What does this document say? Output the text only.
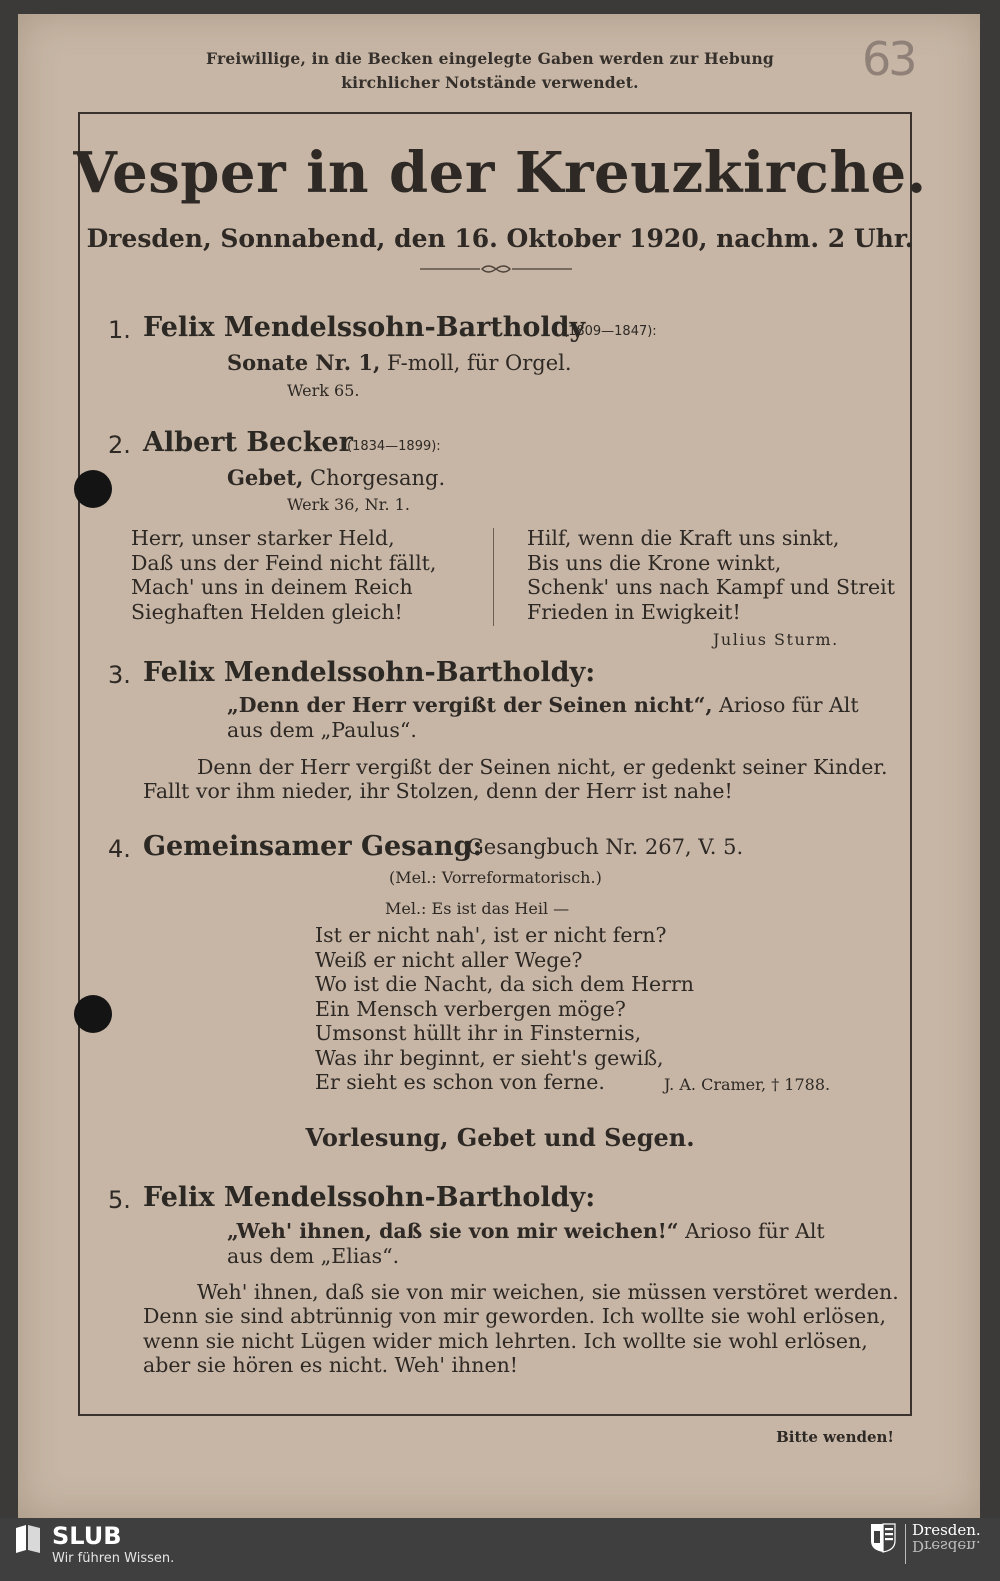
Freiwillige, in die Becken eingelegte Gaben werden zur Hebung
kirchlicher Notstände verwendet.	63
Vesper in der Kreuzkirche.
Dresden, Sonnabend, den 16. Oktober 1920, nachm. 2 Uhr.
1. Felix Mendelssohn-Bartholdy
(1809—1847):
Sonate Nr. 1, F-moll, für Orgel.
Werk 65.
2. Albert Becker
(1834—1899):
Gebet, Chorgesang.
Werk 36, Nr. 1.
Herr, unser starker Held,
Daß uns der Feind nicht fällt,
Mach' uns in deinem Reich
Sieghaften Helden gleich!
Hilf, wenn die Kraft uns sinkt,
Bis uns die Krone winkt,
Schenk' uns nach Kampf und Streit
Frieden in Ewigkeit!
Julius Sturm.
3. Felix Mendelssohn-Bartholdy:
„Denn der Herr vergißt der Seinen nicht“, Arioso für Alt
aus dem „Paulus“.
Denn der Herr vergißt der Seinen nicht, er gedenkt seiner Kinder.
Fallt vor ihm nieder, ihr Stolzen, denn der Herr ist nahe!
4. Gemeinsamer Gesang:
Gesangbuch Nr. 267, V. 5.
(Mel.: Vorreformatorisch.)
Mel.: Es ist das Heil —
Ist er nicht nah', ist er nicht fern?
Weiß er nicht aller Wege?
Wo ist die Nacht, da sich dem Herrn
Ein Mensch verbergen möge?
Umsonst hüllt ihr in Finsternis,
Was ihr beginnt, er sieht's gewiß,
Er sieht es schon von ferne.	J. A. Cramer, † 1788.
Vorlesung, Gebet und Segen.
5. Felix Mendelssohn-Bartholdy:
„Weh' ihnen, daß sie von mir weichen!“ Arioso für Alt
aus dem „Elias“.
Weh' ihnen, daß sie von mir weichen, sie müssen verstöret werden.
Denn sie sind abtrünnig von mir geworden. Ich wollte sie wohl erlösen,
wenn sie nicht Lügen wider mich lehrten. Ich wollte sie wohl erlösen,
aber sie hören es nicht. Weh' ihnen!
Bitte wenden!
SLUB
Wir führen Wissen.
Dresden.
Dresden.
